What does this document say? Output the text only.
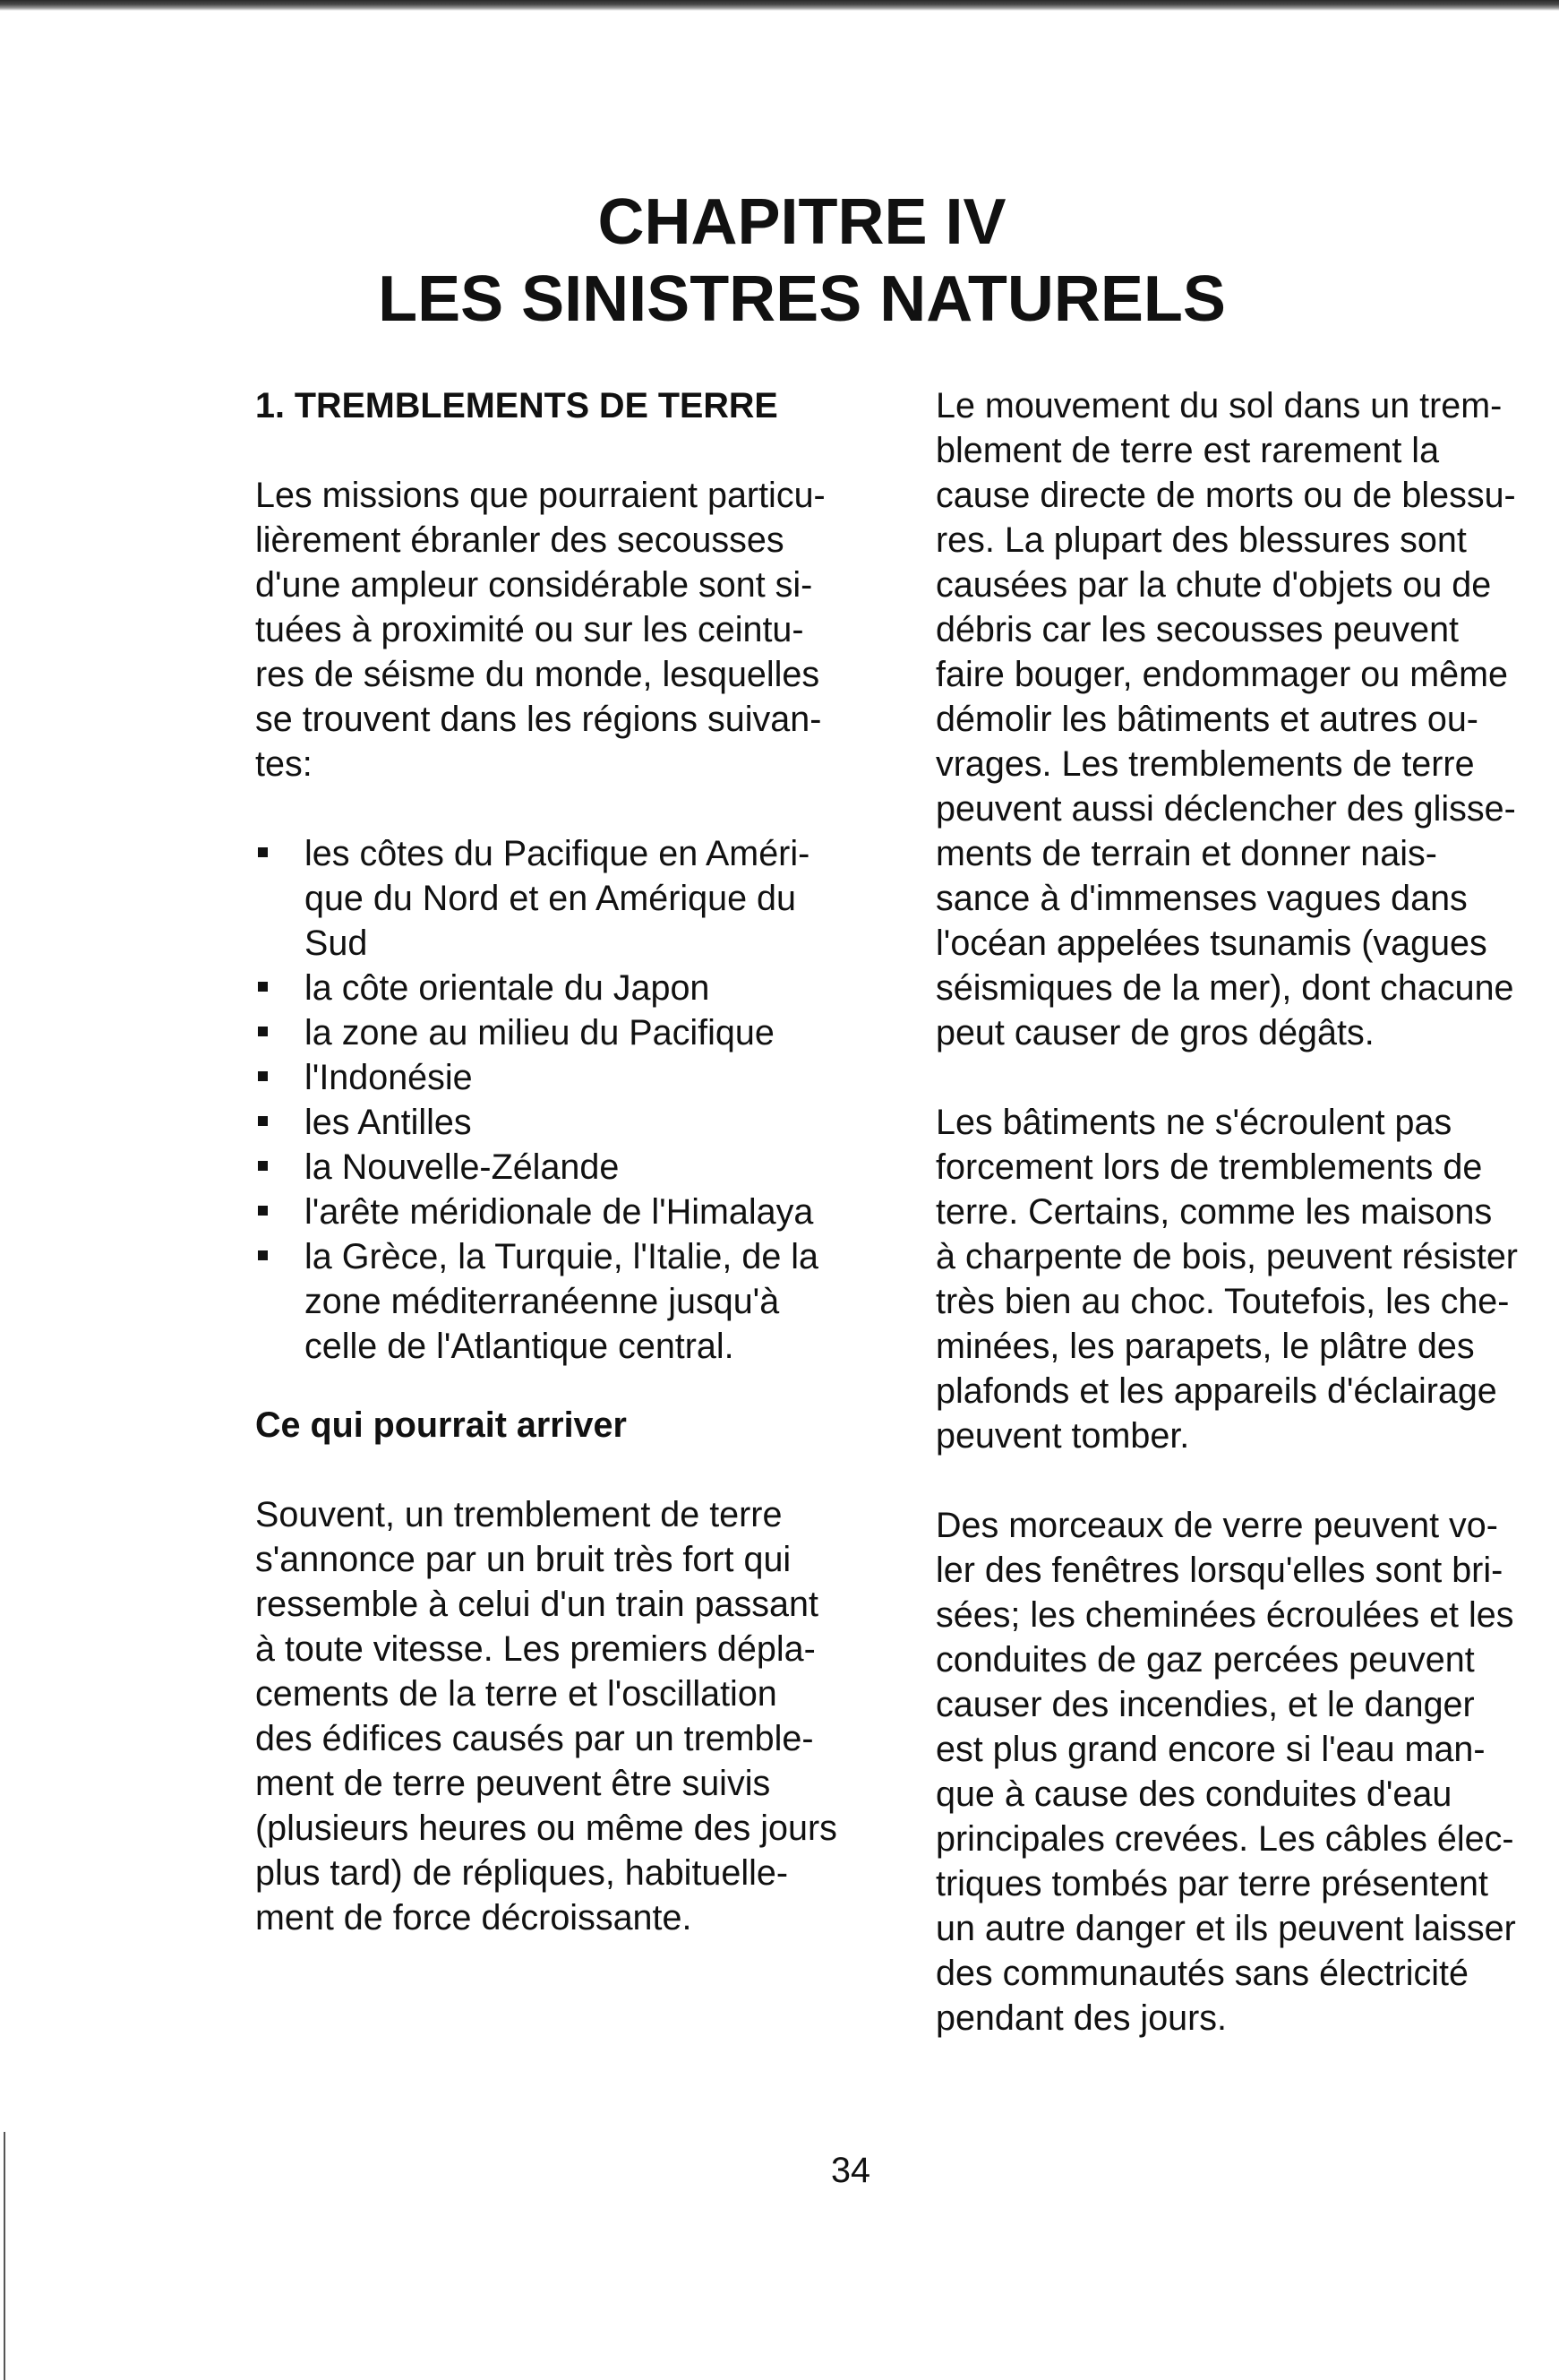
CHAPITRE IV
LES SINISTRES NATURELS
1. TREMBLEMENTS DE TERRE

Les missions que pourraient particu-
lièrement ébranler des secousses
d'une ampleur considérable sont si-
tuées à proximité ou sur les ceintu-
res de séisme du monde, lesquelles
se trouvent dans les régions suivan-
tes:

les côtes du Pacifique en Améri-
que du Nord et en Amérique du
Sud
la côte orientale du Japon
la zone au milieu du Pacifique
l'Indonésie
les Antilles
la Nouvelle-Zélande
l'arête méridionale de l'Himalaya
la Grèce, la Turquie, l'Italie, de la
zone méditerranéenne jusqu'à
celle de l'Atlantique central.
Ce qui pourrait arriver

Souvent, un tremblement de terre
s'annonce par un bruit très fort qui
ressemble à celui d'un train passant
à toute vitesse. Les premiers dépla-
cements de la terre et l'oscillation
des édifices causés par un tremble-
ment de terre peuvent être suivis
(plusieurs heures ou même des jours
plus tard) de répliques, habituelle-
ment de force décroissante.

Le mouvement du sol dans un trem-
blement de terre est rarement la
cause directe de morts ou de blessu-
res. La plupart des blessures sont
causées par la chute d'objets ou de
débris car les secousses peuvent
faire bouger, endommager ou même
démolir les bâtiments et autres ou-
vrages. Les tremblements de terre
peuvent aussi déclencher des glisse-
ments de terrain et donner nais-
sance à d'immenses vagues dans
l'océan appelées tsunamis (vagues
séismiques de la mer), dont chacune
peut causer de gros dégâts.

Les bâtiments ne s'écroulent pas
forcement lors de tremblements de
terre. Certains, comme les maisons
à charpente de bois, peuvent résister
très bien au choc. Toutefois, les che-
minées, les parapets, le plâtre des
plafonds et les appareils d'éclairage
peuvent tomber.

Des morceaux de verre peuvent vo-
ler des fenêtres lorsqu'elles sont bri-
sées; les cheminées écroulées et les
conduites de gaz percées peuvent
causer des incendies, et le danger
est plus grand encore si l'eau man-
que à cause des conduites d'eau
principales crevées. Les câbles élec-
triques tombés par terre présentent
un autre danger et ils peuvent laisser
des communautés sans électricité
pendant des jours.

34
